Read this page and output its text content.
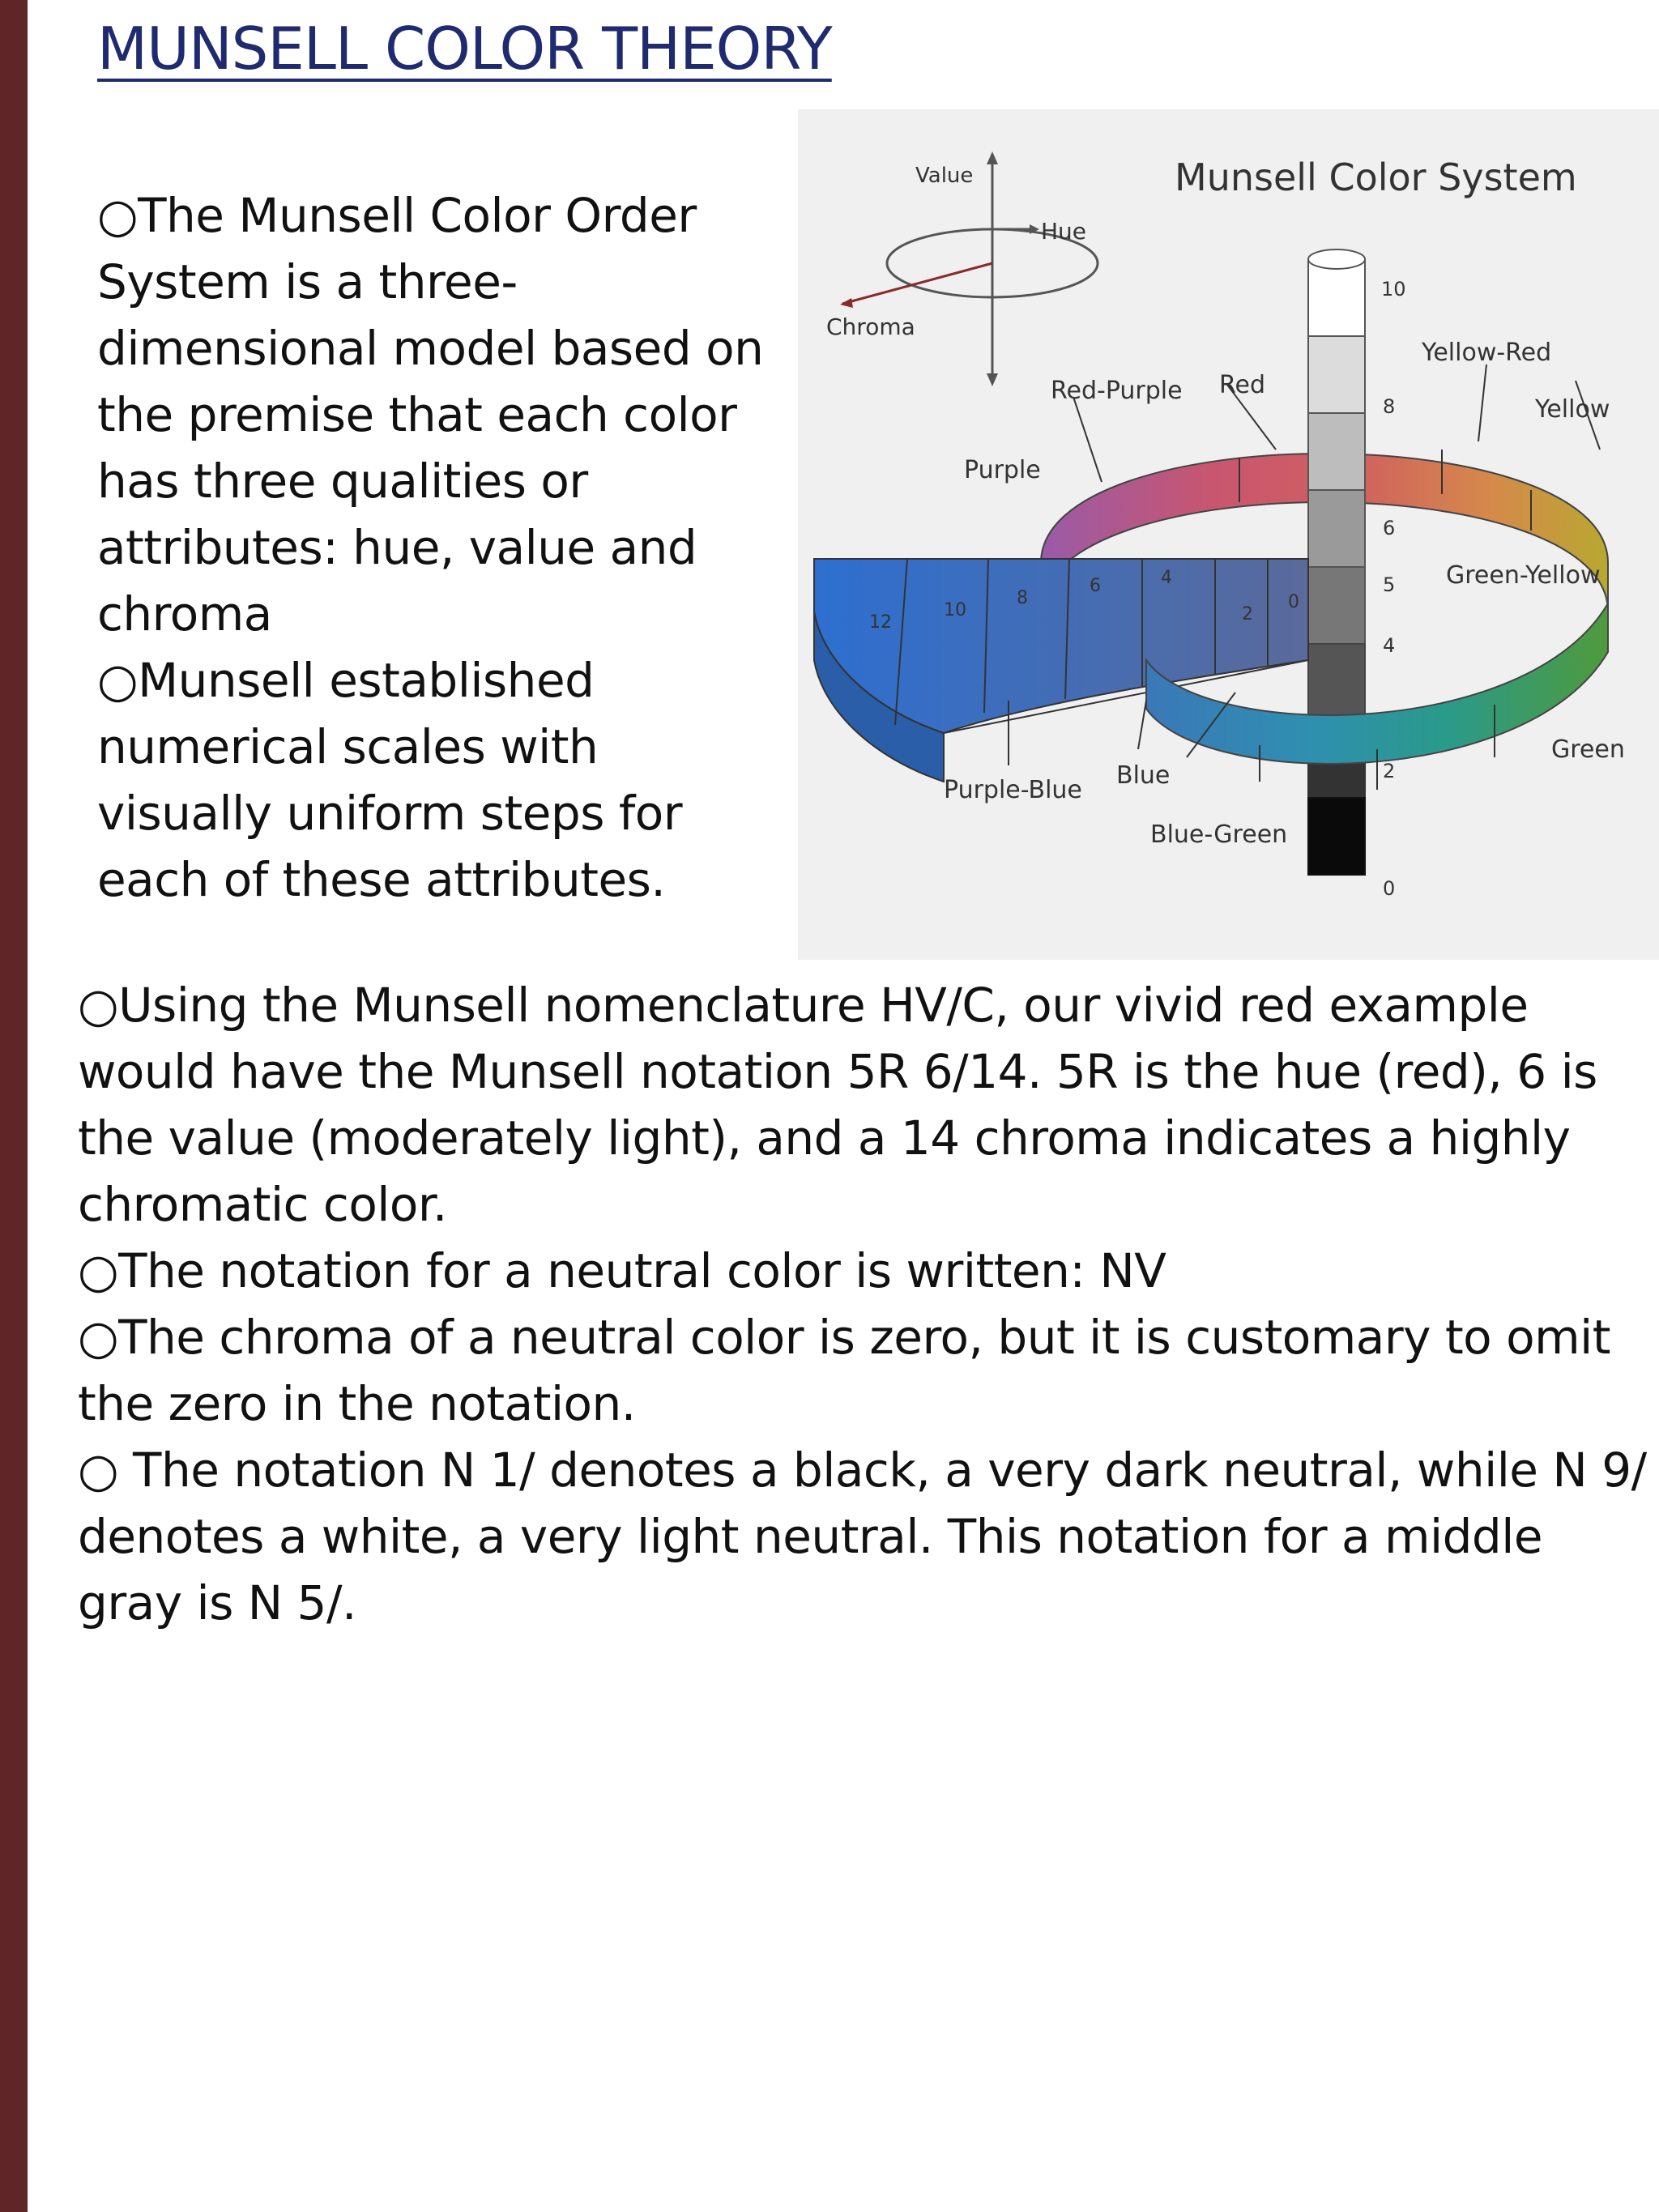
MUNSELL COLOR THEORY

○The Munsell Color Order System is a three-dimensional model based on the premise that each color has three qualities or attributes: hue, value and chroma

○Munsell established numerical scales with visually uniform steps for each of these attributes.

Value
Hue
Chroma
Munsell Color System
10
8
6
5
4
2
0
12
10
8
6	4
2
0
Red-Purple Red
Yellow-Red
Yellow
Purple
Green-Yellow
Green
Purple-Blue
Blue
Blue-Green

○Using the Munsell nomenclature HV/C, our vivid red example would have the Munsell notation 5R 6/14. 5R is the hue (red), 6 is the value (moderately light), and a 14 chroma indicates a highly chromatic color.

○The notation for a neutral color is written: NV

○The chroma of a neutral color is zero, but it is customary to omit the zero in the notation.

○ The notation N 1/ denotes a black, a very dark neutral, while N 9/ denotes a white, a very light neutral. This notation for a middle gray is N 5/.
